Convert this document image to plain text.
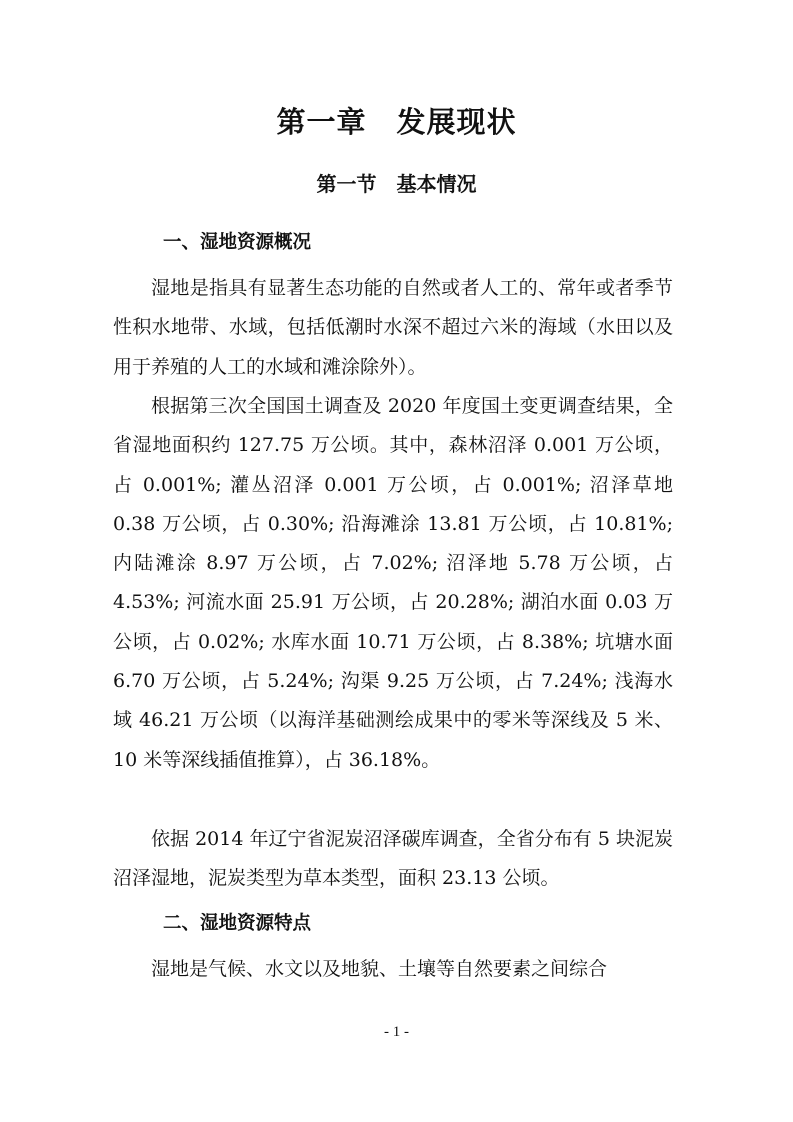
第一章　发展现状
第一节　基本情况
一、湿地资源概况

湿地是指具有显著生态功能的自然或者人工的、常年或者季节性积水地带、水域，包括低潮时水深不超过六米的海域（水田以及用于养殖的人工的水域和滩涂除外）。

根据第三次全国国土调查及 2020 年度国土变更调查结果，全省湿地面积约 127.75 万公顷。其中，森林沼泽 0.001 万公顷，占 0.001%; 灌丛沼泽 0.001 万公顷，占 0.001%; 沼泽草地 0.38 万公顷，占 0.30%; 沿海滩涂 13.81 万公顷，占 10.81%; 内陆滩涂 8.97 万公顷，占 7.02%; 沼泽地 5.78 万公顷，占 4.53%; 河流水面 25.91 万公顷，占 20.28%; 湖泊水面 0.03 万公顷，占 0.02%; 水库水面 10.71 万公顷，占 8.38%; 坑塘水面 6.70 万公顷，占 5.24%; 沟渠 9.25 万公顷，占 7.24%; 浅海水域 46.21 万公顷（以海洋基础测绘成果中的零米等深线及 5 米、10 米等深线插值推算），占 36.18%。

依据 2014 年辽宁省泥炭沼泽碳库调查，全省分布有 5 块泥炭沼泽湿地，泥炭类型为草本类型，面积 23.13 公顷。

二、湿地资源特点

湿地是气候、水文以及地貌、土壤等自然要素之间综合

- 1 -
